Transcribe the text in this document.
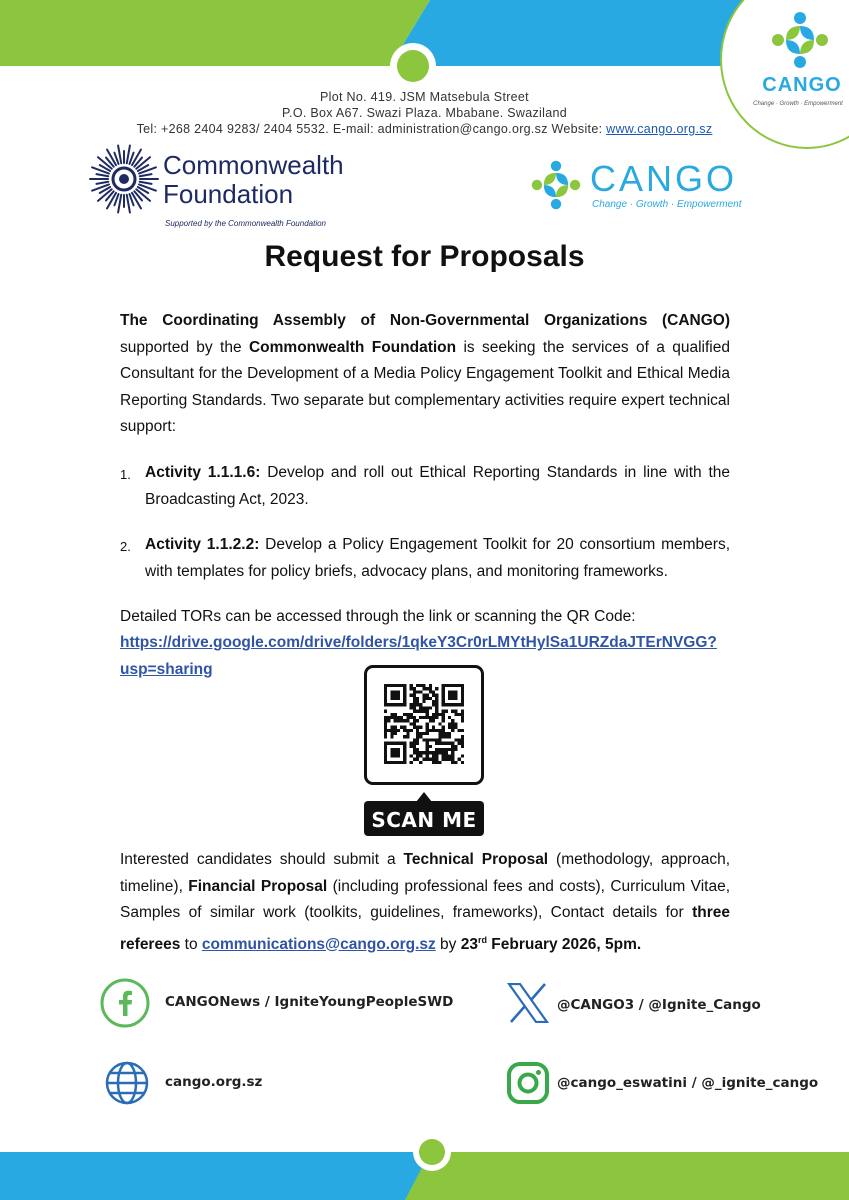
CANGO
Change · Growth · Empowerment
Plot No. 419. JSM Matsebula Street
P.O. Box A67. Swazi Plaza. Mbabane. Swaziland
Tel: +268 2404 9283/ 2404 5532. E-mail: administration@cango.org.sz Website: www.cango.org.sz
Commonwealth
Foundation
Supported by the Commonwealth Foundation
CANGO
Change · Growth · Empowerment
Request for Proposals
The Coordinating Assembly of Non-Governmental Organizations (CANGO) supported by the Commonwealth Foundation is seeking the services of a qualified Consultant for the Development of a Media Policy Engagement Toolkit and Ethical Media Reporting Standards. Two separate but complementary activities require expert technical support:
1. Activity 1.1.1.6: Develop and roll out Ethical Reporting Standards in line with the Broadcasting Act, 2023.
2. Activity 1.1.2.2: Develop a Policy Engagement Toolkit for 20 consortium members, with templates for policy briefs, advocacy plans, and monitoring frameworks.
Detailed TORs can be accessed through the link or scanning the QR Code:
https://drive.google.com/drive/folders/1qkeY3Cr0rLMYtHylSa1URZdaJTErNVGG?
usp=sharing
SCAN ME
Interested candidates should submit a Technical Proposal (methodology, approach, timeline), Financial Proposal (including professional fees and costs), Curriculum Vitae, Samples of similar work (toolkits, guidelines, frameworks), Contact details for three referees to communications@cango.org.sz by 23rd February 2026, 5pm.
CANGONews / IgniteYoungPeopleSWD	@CANGO3 / @Ignite_Cango
cango.org.sz	@cango_eswatini / @_ignite_cango
